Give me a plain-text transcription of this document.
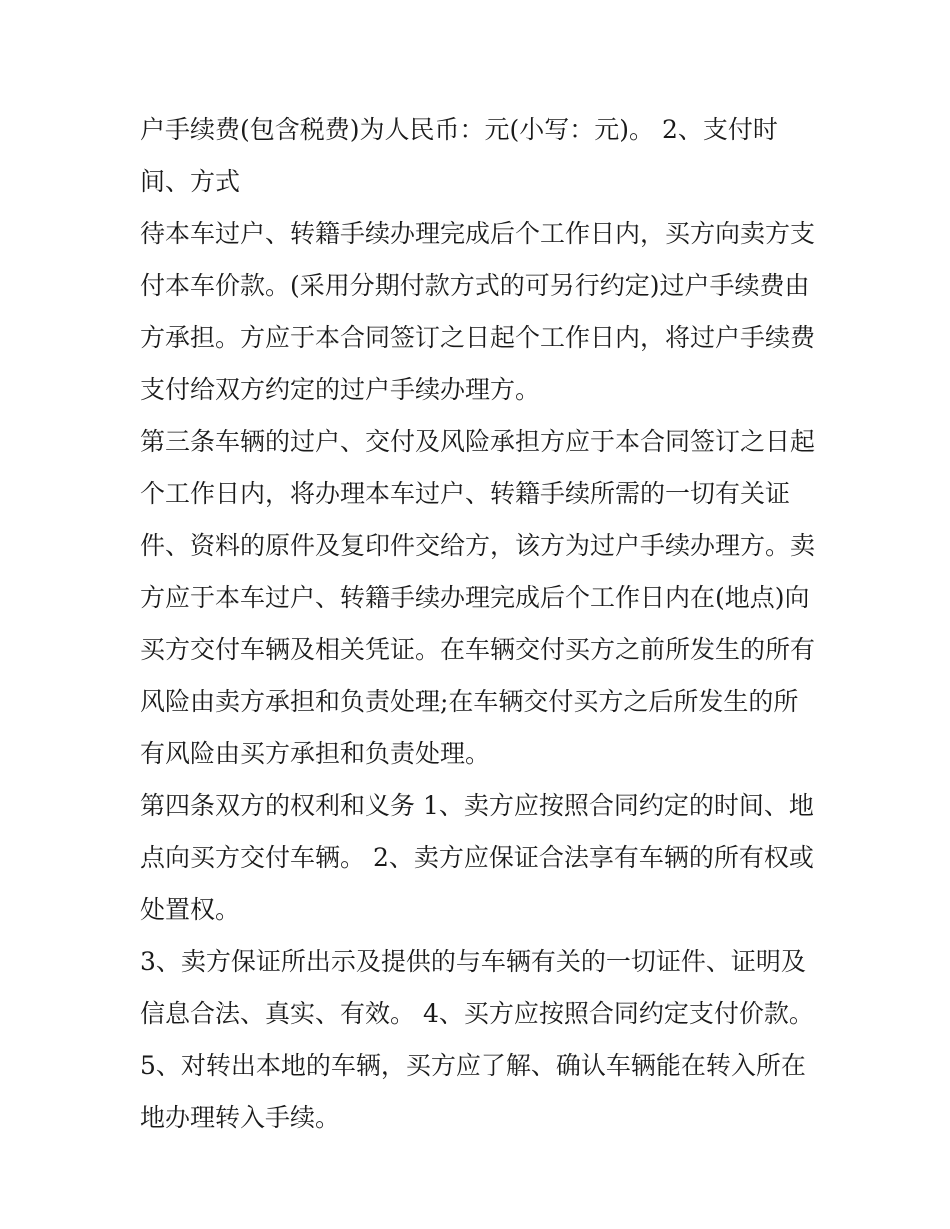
户手续费(包含税费)为人民币：元(小写：元)。 2、支付时
间、方式
待本车过户、转籍手续办理完成后个工作日内，买方向卖方支
付本车价款。(采用分期付款方式的可另行约定)过户手续费由
方承担。方应于本合同签订之日起个工作日内，将过户手续费
支付给双方约定的过户手续办理方。
第三条车辆的过户、交付及风险承担方应于本合同签订之日起
个工作日内，将办理本车过户、转籍手续所需的一切有关证
件、资料的原件及复印件交给方，该方为过户手续办理方。卖
方应于本车过户、转籍手续办理完成后个工作日内在(地点)向
买方交付车辆及相关凭证。在车辆交付买方之前所发生的所有
风险由卖方承担和负责处理;在车辆交付买方之后所发生的所
有风险由买方承担和负责处理。
第四条双方的权利和义务 1、卖方应按照合同约定的时间、地
点向买方交付车辆。 2、卖方应保证合法享有车辆的所有权或
处置权。
3、卖方保证所出示及提供的与车辆有关的一切证件、证明及
信息合法、真实、有效。 4、买方应按照合同约定支付价款。
5、对转出本地的车辆，买方应了解、确认车辆能在转入所在
地办理转入手续。
